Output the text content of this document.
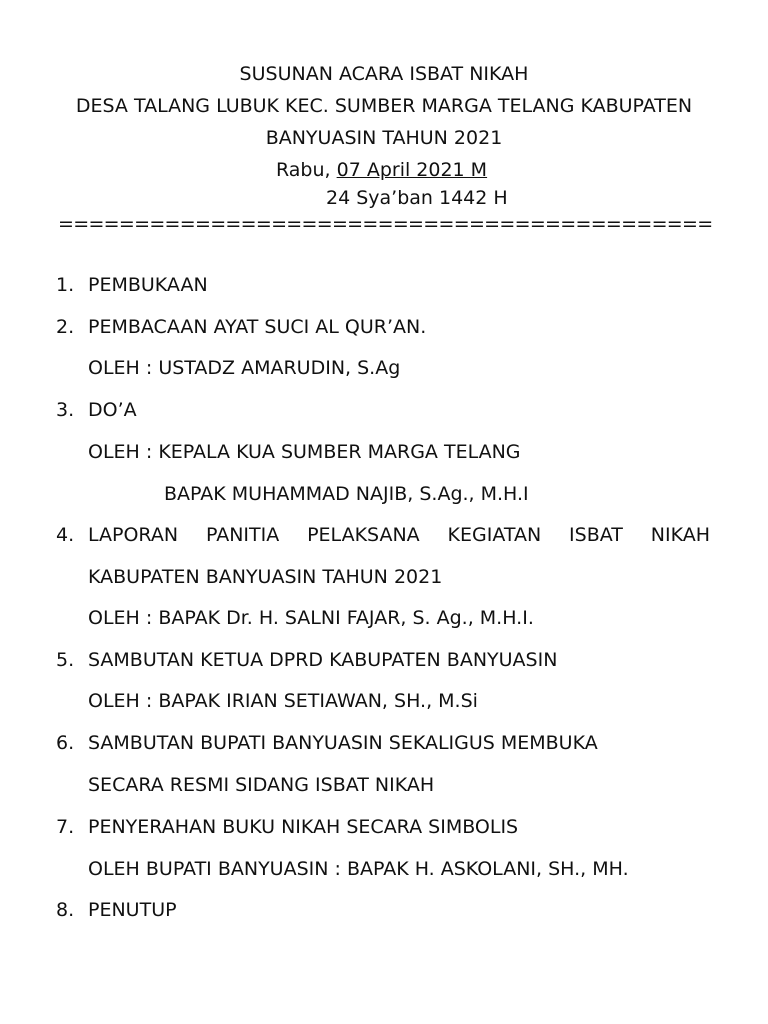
SUSUNAN ACARA ISBAT NIKAH
DESA TALANG LUBUK KEC. SUMBER MARGA TELANG KABUPATEN
BANYUASIN TAHUN 2021
Rabu, 07 April 2021 M
24 Sya’ban 1442 H
===========================================
1. PEMBUKAAN
2. PEMBACAAN AYAT SUCI AL QUR’AN.
OLEH : USTADZ AMARUDIN, S.Ag
3. DO’A
OLEH : KEPALA KUA SUMBER MARGA TELANG
BAPAK MUHAMMAD NAJIB, S.Ag., M.H.I
4. LAPORAN PANITIA PELAKSANA KEGIATAN ISBAT NIKAH
KABUPATEN BANYUASIN TAHUN 2021
OLEH : BAPAK Dr. H. SALNI FAJAR, S. Ag., M.H.I.
5. SAMBUTAN KETUA DPRD KABUPATEN BANYUASIN
OLEH : BAPAK IRIAN SETIAWAN, SH., M.Si
6. SAMBUTAN BUPATI BANYUASIN SEKALIGUS MEMBUKA
SECARA RESMI SIDANG ISBAT NIKAH
7. PENYERAHAN BUKU NIKAH SECARA SIMBOLIS
OLEH BUPATI BANYUASIN : BAPAK H. ASKOLANI, SH., MH.
8. PENUTUP
